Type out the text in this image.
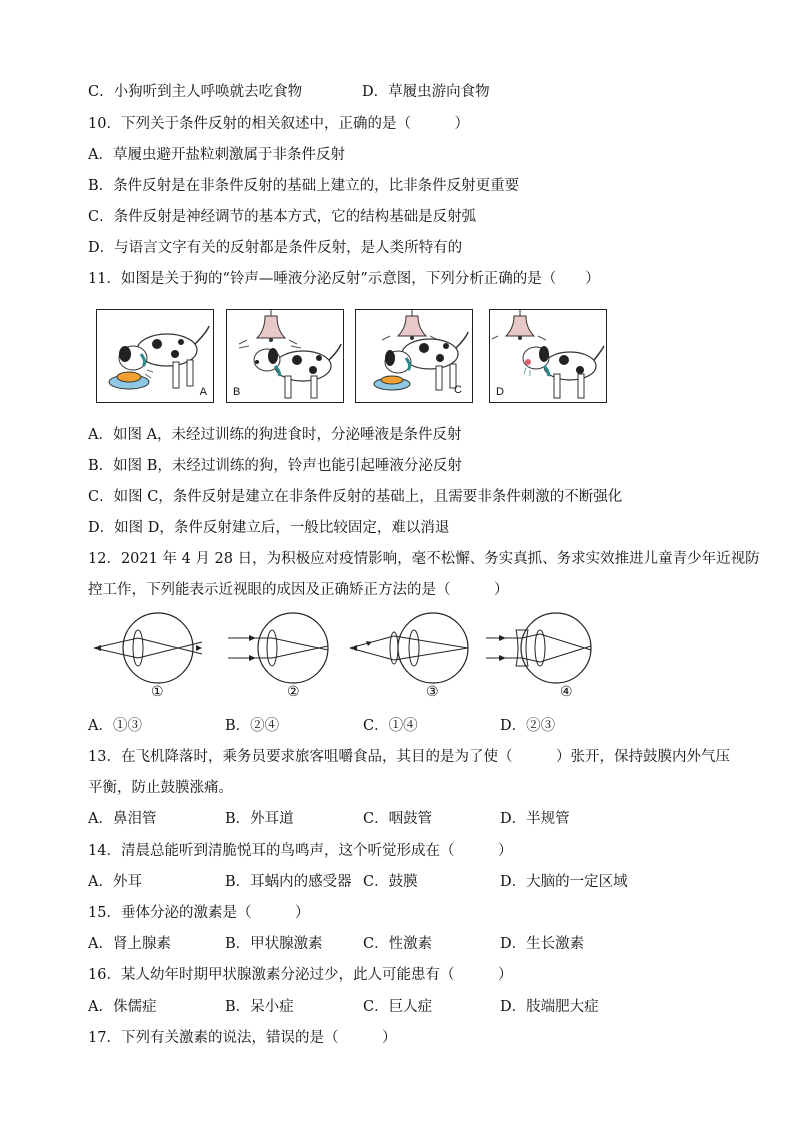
C．小狗听到主人呼唤就去吃食物	D．草履虫游向食物
10．下列关于条件反射的相关叙述中，正确的是（　　　）
A．草履虫避开盐粒刺激属于非条件反射
B．条件反射是在非条件反射的基础上建立的，比非条件反射更重要
C．条件反射是神经调节的基本方式，它的结构基础是反射弧
D．与语言文字有关的反射都是条件反射，是人类所特有的
11．如图是关于狗的“铃声—唾液分泌反射”示意图，下列分析正确的是（　　）
A B	C	D
A．如图 A，未经过训练的狗进食时，分泌唾液是条件反射
B．如图 B，未经过训练的狗，铃声也能引起唾液分泌反射
C．如图 C，条件反射是建立在非条件反射的基础上，且需要非条件刺激的不断强化
D．如图 D，条件反射建立后，一般比较固定，难以消退
12．2021 年 4 月 28 日，为积极应对疫情影响，毫不松懈、务实真抓、务求实效推进儿童青少年近视防
控工作，下列能表示近视眼的成因及正确矫正方法的是（　　　）
①	②	③	④
A．①③	B．②④	C．①④	D．②③
13．在飞机降落时，乘务员要求旅客咀嚼食品，其目的是为了使（　　　）张开，保持鼓膜内外气压
平衡，防止鼓膜涨痛。
A．鼻泪管	B．外耳道	C．咽鼓管	D．半规管
14．清晨总能听到清脆悦耳的鸟鸣声，这个听觉形成在（　　　）
A．外耳	B．耳蜗内的感受器 C．鼓膜	D．大脑的一定区域
15．垂体分泌的激素是（　　　）
A．肾上腺素	B．甲状腺激素	C．性激素	D．生长激素
16．某人幼年时期甲状腺激素分泌过少，此人可能患有（　　　）
A．侏儒症	B．呆小症	C．巨人症	D．肢端肥大症
17．下列有关激素的说法，错误的是（　　　）
